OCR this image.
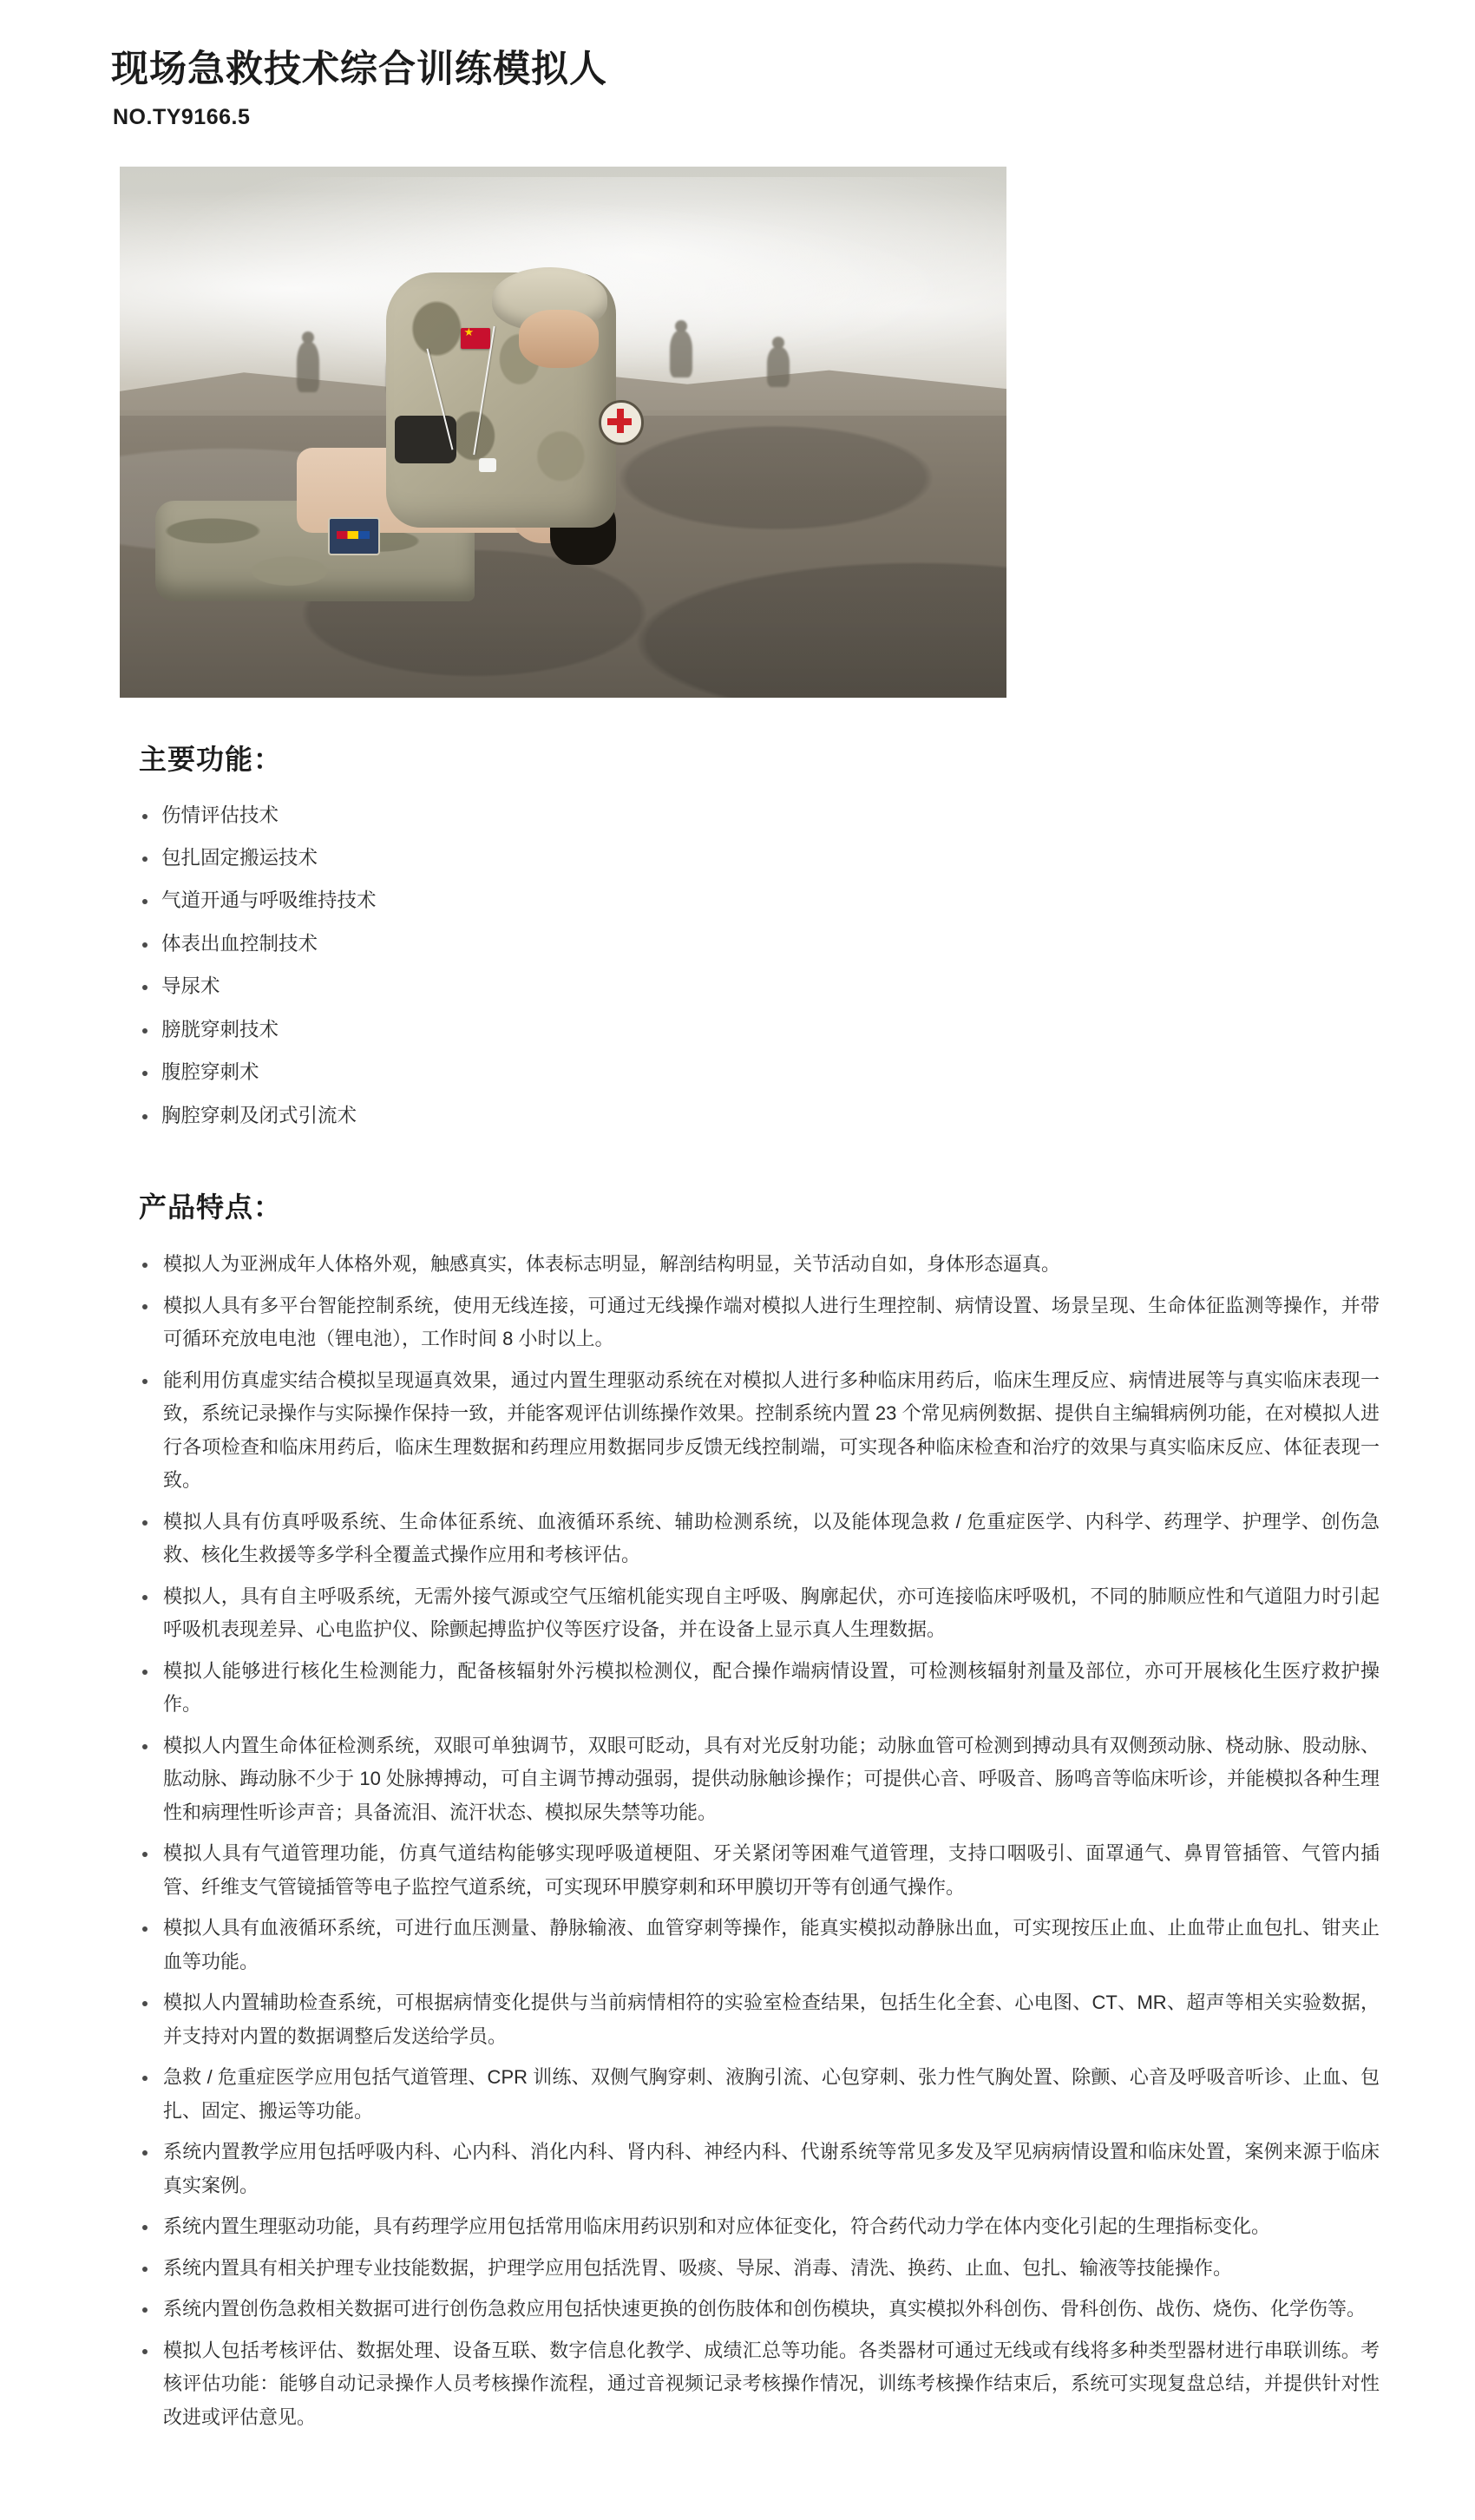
现场急救技术综合训练模拟人
NO.TY9166.5
★
主要功能：
伤情评估技术
包扎固定搬运技术
气道开通与呼吸维持技术
体表出血控制技术
导尿术
膀胱穿刺技术
腹腔穿刺术
胸腔穿刺及闭式引流术
产品特点：
模拟人为亚洲成年人体格外观，触感真实，体表标志明显，解剖结构明显，关节活动自如，身体形态逼真。
模拟人具有多平台智能控制系统，使用无线连接，可通过无线操作端对模拟人进行生理控制、病情设置、场景呈现、生命体征监测等操作，并带可循环充放电电池（锂电池），工作时间 8 小时以上。
能利用仿真虚实结合模拟呈现逼真效果，通过内置生理驱动系统在对模拟人进行多种临床用药后，临床生理反应、病情进展等与真实临床表现一致，系统记录操作与实际操作保持一致，并能客观评估训练操作效果。控制系统内置 23 个常见病例数据、提供自主编辑病例功能，在对模拟人进行各项检查和临床用药后，临床生理数据和药理应用数据同步反馈无线控制端，可实现各种临床检查和治疗的效果与真实临床反应、体征表现一致。
模拟人具有仿真呼吸系统、生命体征系统、血液循环系统、辅助检测系统，以及能体现急救 / 危重症医学、内科学、药理学、护理学、创伤急救、核化生救援等多学科全覆盖式操作应用和考核评估。
模拟人，具有自主呼吸系统，无需外接气源或空气压缩机能实现自主呼吸、胸廓起伏，亦可连接临床呼吸机，不同的肺顺应性和气道阻力时引起呼吸机表现差异、心电监护仪、除颤起搏监护仪等医疗设备，并在设备上显示真人生理数据。
模拟人能够进行核化生检测能力，配备核辐射外污模拟检测仪，配合操作端病情设置，可检测核辐射剂量及部位，亦可开展核化生医疗救护操作。
模拟人内置生命体征检测系统，双眼可单独调节，双眼可眨动，具有对光反射功能；动脉血管可检测到搏动具有双侧颈动脉、桡动脉、股动脉、肱动脉、踇动脉不少于 10 处脉搏搏动，可自主调节搏动强弱，提供动脉触诊操作；可提供心音、呼吸音、肠鸣音等临床听诊，并能模拟各种生理性和病理性听诊声音；具备流泪、流汗状态、模拟尿失禁等功能。
模拟人具有气道管理功能，仿真气道结构能够实现呼吸道梗阻、牙关紧闭等困难气道管理，支持口咽吸引、面罩通气、鼻胃管插管、气管内插管、纤维支气管镜插管等电子监控气道系统，可实现环甲膜穿刺和环甲膜切开等有创通气操作。
模拟人具有血液循环系统，可进行血压测量、静脉输液、血管穿刺等操作，能真实模拟动静脉出血，可实现按压止血、止血带止血包扎、钳夹止血等功能。
模拟人内置辅助检查系统，可根据病情变化提供与当前病情相符的实验室检查结果，包括生化全套、心电图、CT、MR、超声等相关实验数据，并支持对内置的数据调整后发送给学员。
急救 / 危重症医学应用包括气道管理、CPR 训练、双侧气胸穿刺、液胸引流、心包穿刺、张力性气胸处置、除颤、心音及呼吸音听诊、止血、包扎、固定、搬运等功能。
系统内置教学应用包括呼吸内科、心内科、消化内科、肾内科、神经内科、代谢系统等常见多发及罕见病病情设置和临床处置，案例来源于临床真实案例。
系统内置生理驱动功能，具有药理学应用包括常用临床用药识别和对应体征变化，符合药代动力学在体内变化引起的生理指标变化。
系统内置具有相关护理专业技能数据，护理学应用包括洗胃、吸痰、导尿、消毒、清洗、换药、止血、包扎、输液等技能操作。
系统内置创伤急救相关数据可进行创伤急救应用包括快速更换的创伤肢体和创伤模块，真实模拟外科创伤、骨科创伤、战伤、烧伤、化学伤等。
模拟人包括考核评估、数据处理、设备互联、数字信息化教学、成绩汇总等功能。各类器材可通过无线或有线将多种类型器材进行串联训练。考核评估功能：能够自动记录操作人员考核操作流程，通过音视频记录考核操作情况，训练考核操作结束后，系统可实现复盘总结，并提供针对性改进或评估意见。
